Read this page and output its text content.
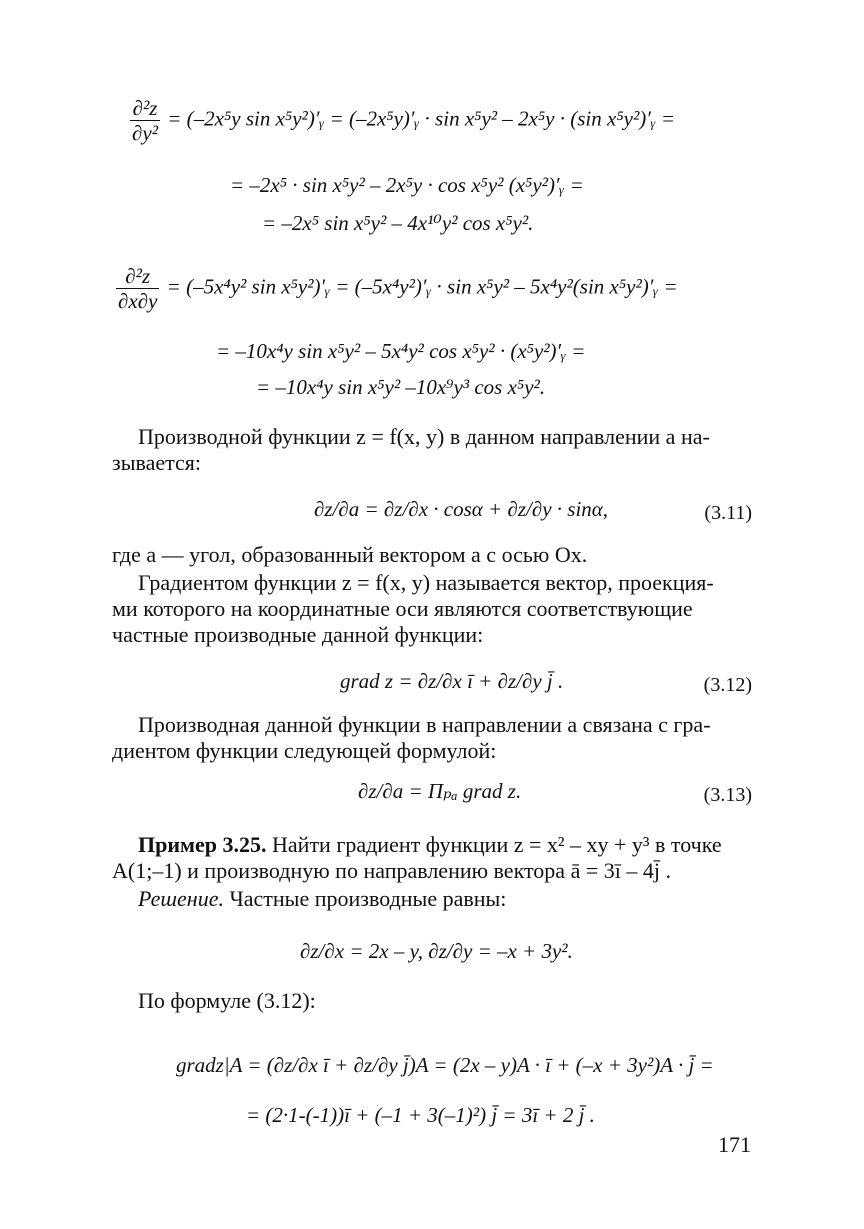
$\frac{\text{∂²z}}{\text{∂y²}} = (-2x^5y$ sin x⁵y²)′ᵧ = (–2x⁵y)′ᵧ · sin x⁵y² – 2x⁵y · (sin x⁵y²)′ᵧ =
= –2x⁵ · sin x⁵y² – 2x⁵y · cos x⁵y² (x⁵y²)′ᵧ =
= –2x⁵ sin x⁵y² – 4x¹⁰y² cos x⁵y².
$\frac{\text{∂²z}}{\partial x\partial y} = (-5x^4y^2$ sin x⁵y²)′ᵧ = (–5x⁴y²)′ᵧ · sin x⁵y² – 5x⁴y²(sin x⁵y²)′ᵧ =
= –10x⁴y sin x⁵y² – 5x⁴y² cos x⁵y² · (x⁵y²)′ᵧ =
= –10x⁴y sin x⁵y² –10x⁹y³ cos x⁵y².
Производной функции z = f(x, y) в данном направлении a на-
зывается:
∂z/∂a = ∂z/∂x · cosα + ∂z/∂y · sinα,	(3.11)
где a — угол, образованный вектором a с осью Ox.
Градиентом функции z = f(x, y) называется вектор, проекция-
ми которого на координатные оси являются соответствующие
частные производные данной функции:
grad z = ∂z/∂x ī + ∂z/∂y j̄ .	(3.12)
Производная данной функции в направлении a связана с гра-
диентом функции следующей формулой:
∂z/∂a = Πₚₐ grad z.	(3.13)
Пример 3.25. Найти градиент функции z = x² – xy + y³ в точке
A(1;–1) и производную по направлению вектора ā = 3ī – 4j̄ .
Решение. Частные производные равны:
∂z/∂x = 2x – y, ∂z/∂y = –x + 3y².
По формуле (3.12):
gradz|A = (∂z/∂x ī + ∂z/∂y j̄)A = (2x – y)A · ī + (–x + 3y²)A · j̄ =
= (2·1-(-1))ī + (–1 + 3(–1)²) j̄ = 3ī + 2 j̄ .
171
